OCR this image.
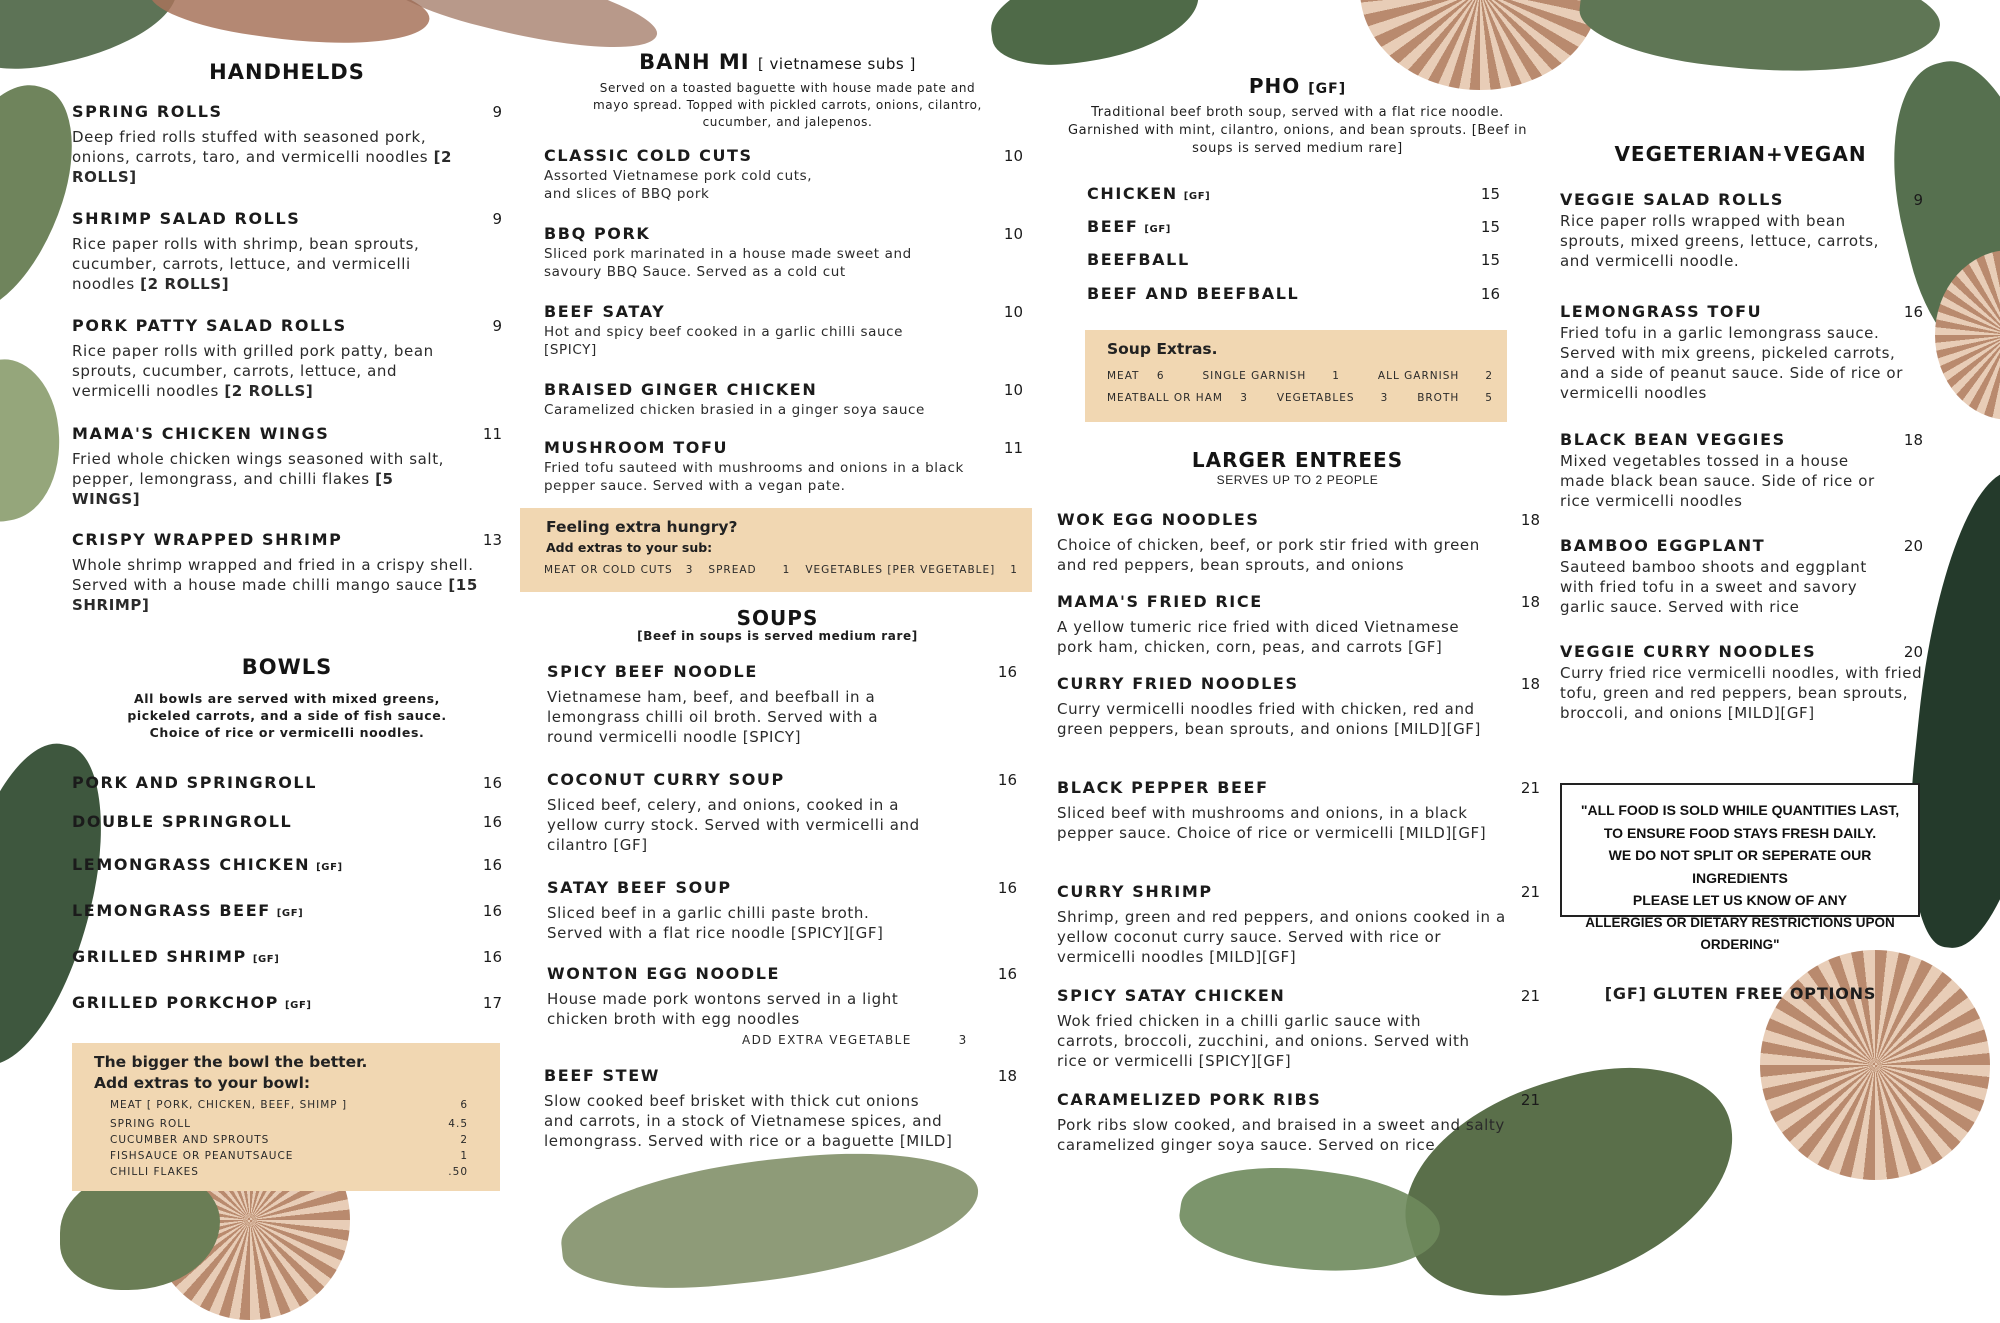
HANDHELDS
SPRING ROLLS	9
Deep fried rolls stuffed with seasoned pork, onions, carrots, taro, and vermicelli noodles [2 ROLLS]
SHRIMP SALAD ROLLS	9
Rice paper rolls with shrimp, bean sprouts, cucumber, carrots, lettuce, and vermicelli noodles [2 ROLLS]
PORK PATTY SALAD ROLLS	9
Rice paper rolls with grilled pork patty, bean sprouts, cucumber, carrots, lettuce, and vermicelli noodles [2 ROLLS]
MAMA'S CHICKEN WINGS	11
Fried whole chicken wings seasoned with salt, pepper, lemongrass, and chilli flakes [5 WINGS]
CRISPY WRAPPED SHRIMP	13
Whole shrimp wrapped and fried in a crispy shell. Served with a house made chilli mango sauce [15 SHRIMP]
BOWLS
All bowls are served with mixed greens, pickeled carrots, and a side of fish sauce. Choice of rice or vermicelli noodles.
PORK AND SPRINGROLL	16
DOUBLE SPRINGROLL	16
LEMONGRASS CHICKEN [GF]	16
LEMONGRASS BEEF [GF]	16
GRILLED SHRIMP [GF]	16
GRILLED PORKCHOP [GF]	17
The bigger the bowl the better.
Add extras to your bowl:
MEAT [ PORK, CHICKEN, BEEF, SHIMP ]	6
SPRING ROLL	4.5
CUCUMBER AND SPROUTS	2
FISHSAUCE OR PEANUTSAUCE	1
CHILLI FLAKES	.50
BANH MI [ vietnamese subs ]
Served on a toasted baguette with house made pate and mayo spread. Topped with pickled carrots, onions, cilantro, cucumber, and jalepenos.
CLASSIC COLD CUTS	10
Assorted Vietnamese pork cold cuts, and slices of BBQ pork
BBQ PORK	10
Sliced pork marinated in a house made sweet and savoury BBQ Sauce. Served as a cold cut
BEEF SATAY	10
Hot and spicy beef cooked in a garlic chilli sauce [SPICY]
BRAISED GINGER CHICKEN	10
Caramelized chicken brasied in a ginger soya sauce
MUSHROOM TOFU	11
Fried tofu sauteed with mushrooms and onions in a black pepper sauce. Served with a vegan pate.
Feeling extra hungry?
Add extras to your sub:
MEAT OR COLD CUTS 3 SPREAD 1 VEGETABLES [PER VEGETABLE] 1
SOUPS
[Beef in soups is served medium rare]
SPICY BEEF NOODLE	16
Vietnamese ham, beef, and beefball in a lemongrass chilli oil broth. Served with a round vermicelli noodle [SPICY]
COCONUT CURRY SOUP	16
Sliced beef, celery, and onions, cooked in a yellow curry stock. Served with vermicelli and cilantro [GF]
SATAY BEEF SOUP	16
Sliced beef in a garlic chilli paste broth. Served with a flat rice noodle [SPICY][GF]
WONTON EGG NOODLE	16
House made pork wontons served in a light chicken broth with egg noodles
ADD EXTRA VEGETABLE	3
BEEF STEW	18
Slow cooked beef brisket with thick cut onions and carrots, in a stock of Vietnamese spices, and lemongrass. Served with rice or a baguette [MILD]
PHO [GF]
Traditional beef broth soup, served with a flat rice noodle. Garnished with mint, cilantro, onions, and bean sprouts. [Beef in soups is served medium rare]
CHICKEN [GF]	15
BEEF [GF]	15
BEEFBALL	15
BEEF AND BEEFBALL	16
Soup Extras.
MEAT 6	SINGLE GARNISH 1	ALL GARNISH 2
MEATBALL OR HAM 3	VEGETABLES 3	BROTH 5
LARGER ENTREES
SERVES UP TO 2 PEOPLE
WOK EGG NOODLES	18
Choice of chicken, beef, or pork stir fried with green and red peppers, bean sprouts, and onions
MAMA'S FRIED RICE	18
A yellow tumeric rice fried with diced Vietnamese pork ham, chicken, corn, peas, and carrots [GF]
CURRY FRIED NOODLES	18
Curry vermicelli noodles fried with chicken, red and green peppers, bean sprouts, and onions [MILD][GF]
BLACK PEPPER BEEF	21
Sliced beef with mushrooms and onions, in a black pepper sauce. Choice of rice or vermicelli [MILD][GF]
CURRY SHRIMP	21
Shrimp, green and red peppers, and onions cooked in a yellow coconut curry sauce. Served with rice or vermicelli noodles [MILD][GF]
SPICY SATAY CHICKEN	21
Wok fried chicken in a chilli garlic sauce with carrots, broccoli, zucchini, and onions. Served with rice or vermicelli [SPICY][GF]
CARAMELIZED PORK RIBS	21
Pork ribs slow cooked, and braised in a sweet and salty caramelized ginger soya sauce. Served on rice
VEGETERIAN+VEGAN
VEGGIE SALAD ROLLS	9
Rice paper rolls wrapped with bean sprouts, mixed greens, lettuce, carrots, and vermicelli noodle.
LEMONGRASS TOFU	16
Fried tofu in a garlic lemongrass sauce. Served with mix greens, pickeled carrots, and a side of peanut sauce. Side of rice or vermicelli noodles
BLACK BEAN VEGGIES	18
Mixed vegetables tossed in a house made black bean sauce. Side of rice or rice vermicelli noodles
BAMBOO EGGPLANT	20
Sauteed bamboo shoots and eggplant with fried tofu in a sweet and savory garlic sauce. Served with rice
VEGGIE CURRY NOODLES	20
Curry fried rice vermicelli noodles, with fried tofu, green and red peppers, bean sprouts, broccoli, and onions [MILD][GF]
"ALL FOOD IS SOLD WHILE QUANTITIES LAST,
TO ENSURE FOOD STAYS FRESH DAILY.
WE DO NOT SPLIT OR SEPERATE OUR INGREDIENTS
PLEASE LET US KNOW OF ANY
ALLERGIES OR DIETARY RESTRICTIONS UPON ORDERING"
[GF] GLUTEN FREE OPTIONS
